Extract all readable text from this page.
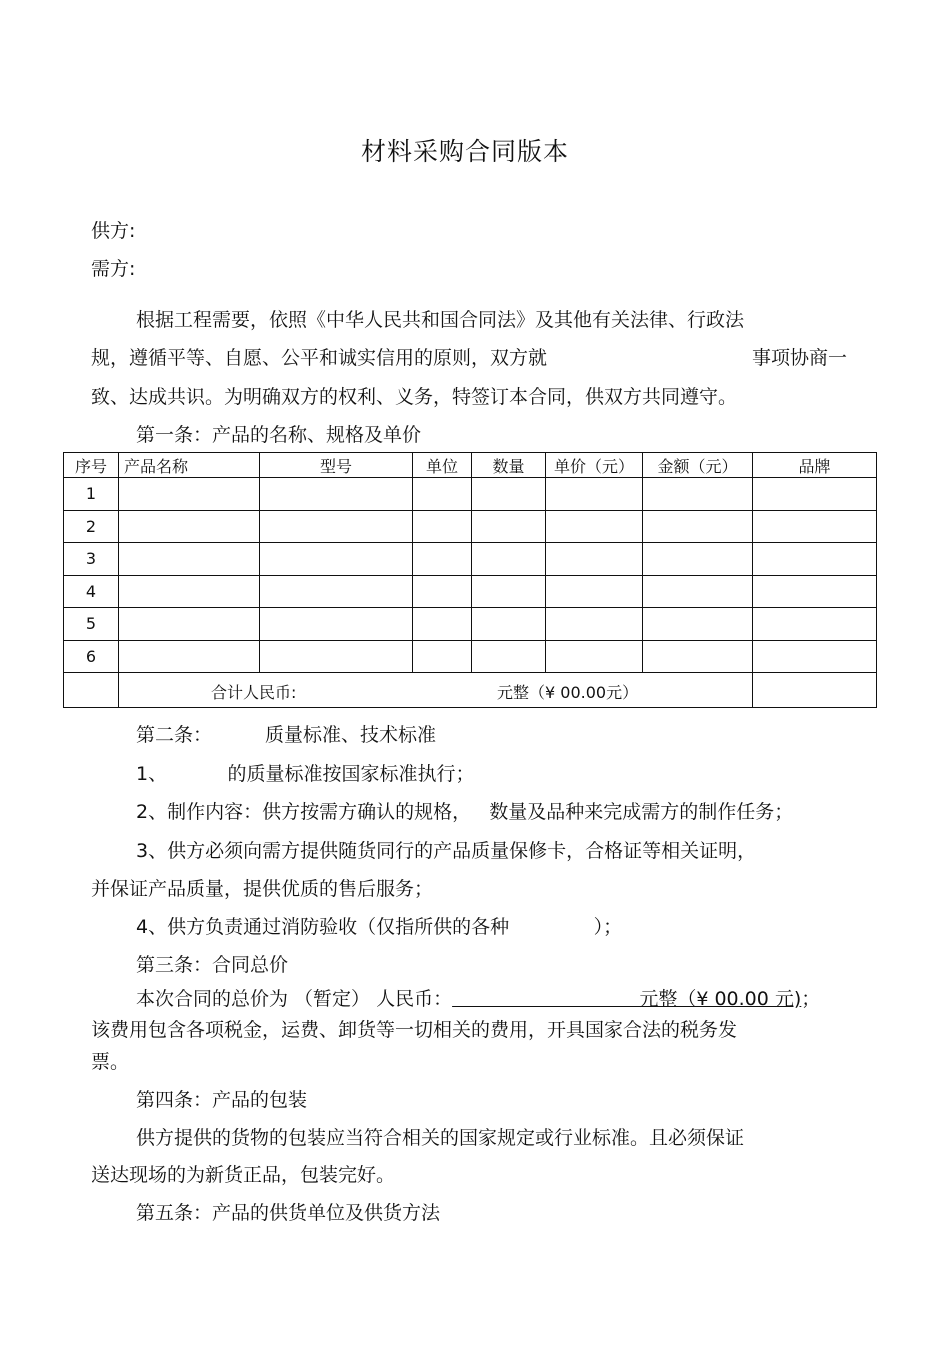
材料采购合同版本
供方:
需方:
根据工程需要，依照《中华人民共和国合同法》及其他有关法律、行政法
规，遵循平等、自愿、公平和诚实信用的原则，双方就	事项协商一
致、达成共识。为明确双方的权利、义务，特签订本合同，供双方共同遵守。
第一条：产品的名称、规格及单价
序号	产品名称	型号	单位	数量	单价（元）	金额（元）	品牌
1							
2							
3							
4							
5							
6							

	合计人民币: 元整（¥ 00.00元）						

第二条：	质量标准、技术标准
1、          的质量标准按国家标准执行；
2、制作内容：供方按需方确认的规格，   数量及品种来完成需方的制作任务；
3、供方必须向需方提供随货同行的产品质量保修卡，合格证等相关证明，
并保证产品质量，提供优质的售后服务；
4、供方负责通过消防验收（仅指所供的各种              ）；
第三条：合同总价
本次合同的总价为 （暂定） 人民币：                               元整（¥ 00.00 元)；
该费用包含各项税金，运费、卸货等一切相关的费用，开具国家合法的税务发
票。
第四条：产品的包装
供方提供的货物的包装应当符合相关的国家规定或行业标准。且必须保证
送达现场的为新货正品，包装完好。
第五条：产品的供货单位及供货方法
